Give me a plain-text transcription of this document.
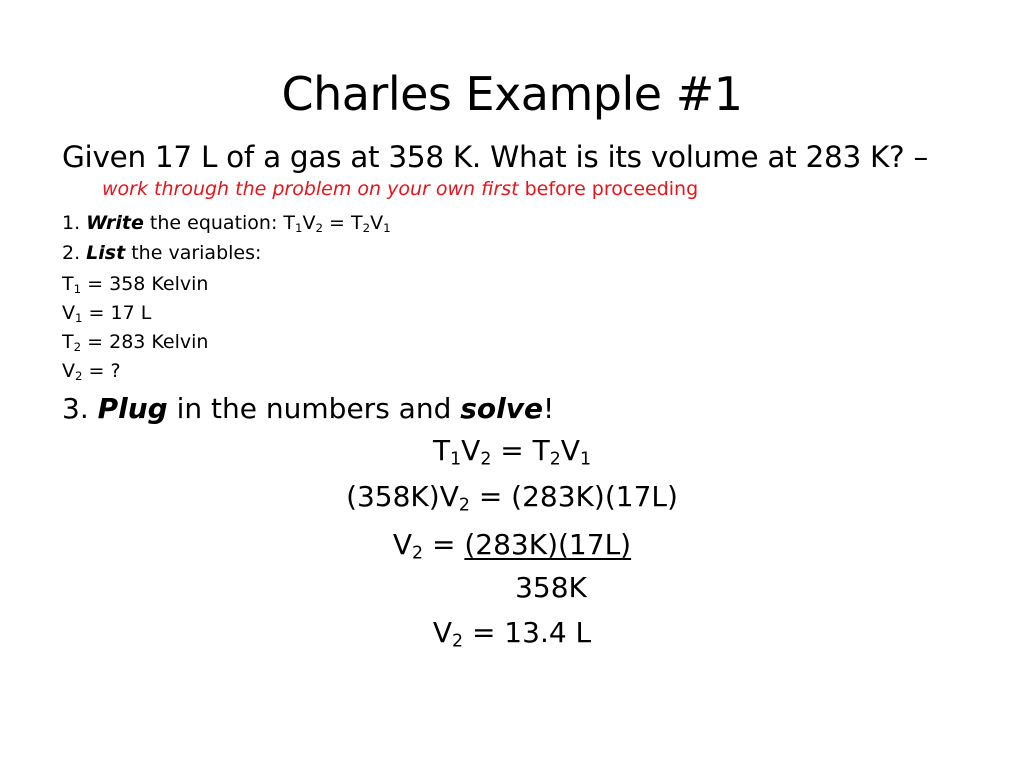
Charles Example #1
Given 17 L of a gas at 358 K. What is its volume at 283 K? –
work through the problem on your own first before proceeding
1. Write the equation: $T_1V_2 = T_2V_1$
2. List the variables:
$T_1 = 358$ Kelvin
$V_1 = 17$ L
$T_2 = 283$ Kelvin
$V_2$ = ?
3. Plug in the numbers and solve!
$T_1V_2 = T_2V_1$
$(358K)V_2 = (283K)(17L)$
$V_2 = (283K)(17L)$
358K
$V_2 = 13.4$ L
